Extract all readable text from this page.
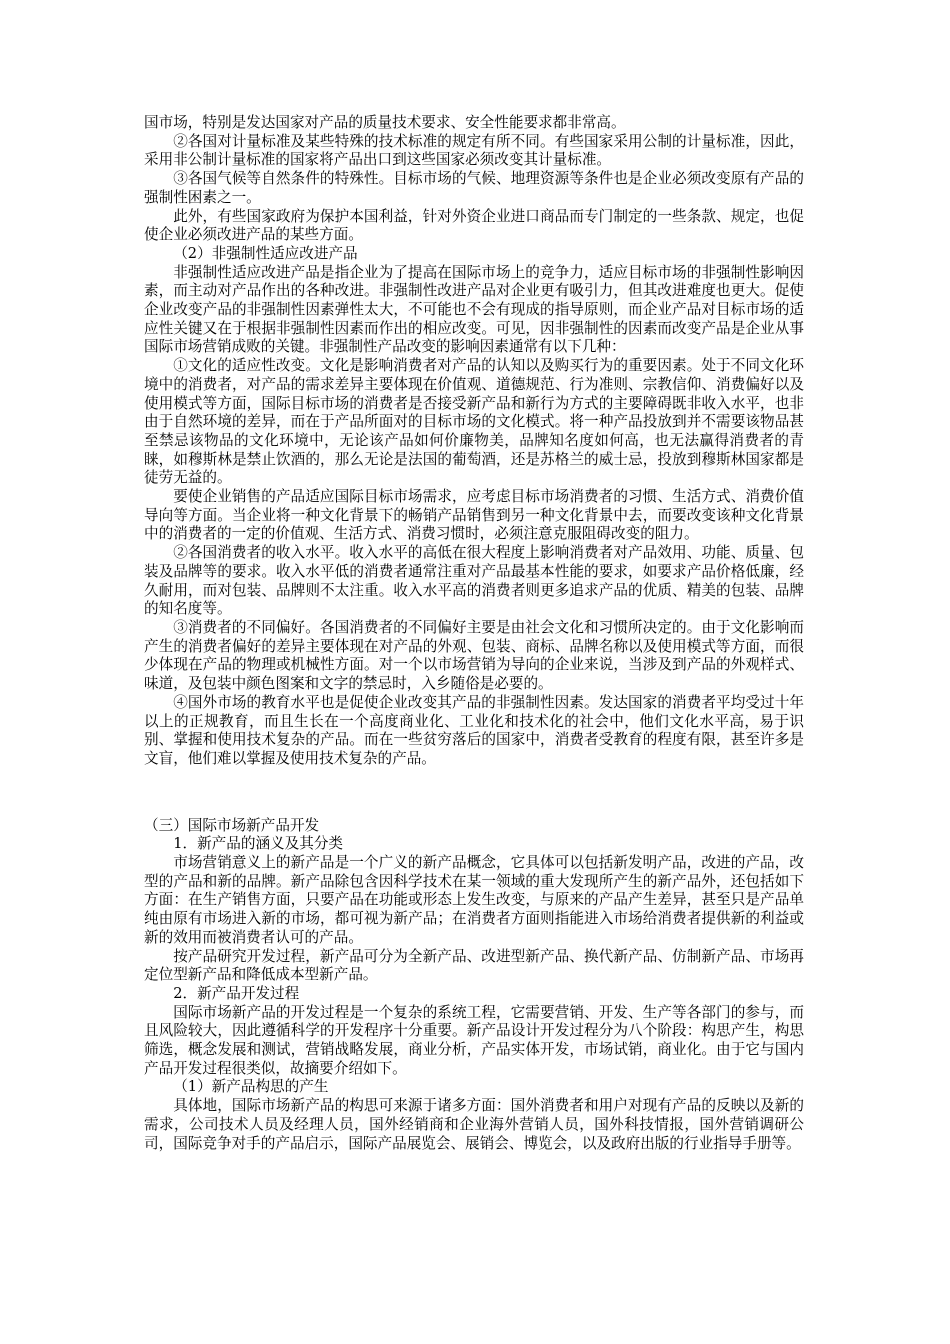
国市场，特别是发达国家对产品的质量技术要求、安全性能要求都非常高。

②各国对计量标准及某些特殊的技术标准的规定有所不同。有些国家采用公制的计量标准，因此，采用非公制计量标准的国家将产品出口到这些国家必须改变其计量标准。

③各国气候等自然条件的特殊性。目标市场的气候、地理资源等条件也是企业必须改变原有产品的强制性困素之一。

此外，有些国家政府为保护本国利益，针对外资企业进口商品而专门制定的一些条款、规定，也促使企业必须改进产品的某些方面。

（2）非强制性适应改进产品

非强制性适应改进产品是指企业为了提高在国际市场上的竞争力，适应目标市场的非强制性影响因素，而主动对产品作出的各种改进。非强制性改进产品对企业更有吸引力，但其改进难度也更大。促使企业改变产品的非强制性因素弹性太大，不可能也不会有现成的指导原则，而企业产品对目标市场的适应性关键又在于根据非强制性因素而作出的相应改变。可见，因非强制性的因素而改变产品是企业从事国际市场营销成败的关键。非强制性产品改变的影响因素通常有以下几种：

①文化的适应性改变。文化是影响消费者对产品的认知以及购买行为的重要因素。处于不同文化环境中的消费者，对产品的需求差异主要体现在价值观、道德规范、行为准则、宗教信仰、消费偏好以及使用模式等方面，国际目标市场的消费者是否接受新产品和新行为方式的主要障碍既非收入水平，也非由于自然环境的差异，而在于产品所面对的目标市场的文化模式。将一种产品投放到并不需要该物品甚至禁忌该物品的文化环境中，无论该产品如何价廉物美，品牌知名度如何高，也无法赢得消费者的青睐，如穆斯林是禁止饮酒的，那么无论是法国的葡萄酒，还是苏格兰的威士忌，投放到穆斯林国家都是徒劳无益的。

要使企业销售的产品适应国际目标市场需求，应考虑目标市场消费者的习惯、生活方式、消费价值导向等方面。当企业将一种文化背景下的畅销产品销售到另一种文化背景中去，而要改变该种文化背景中的消费者的一定的价值观、生活方式、消费习惯时，必须注意克服阻碍改变的阻力。

②各国消费者的收入水平。收入水平的高低在很大程度上影响消费者对产品效用、功能、质量、包装及品牌等的要求。收入水平低的消费者通常注重对产品最基本性能的要求，如要求产品价格低廉，经久耐用，而对包装、品牌则不太注重。收入水平高的消费者则更多追求产品的优质、精美的包装、品牌的知名度等。

③消费者的不同偏好。各国消费者的不同偏好主要是由社会文化和习惯所决定的。由于文化影响而产生的消费者偏好的差异主要体现在对产品的外观、包装、商标、品牌名称以及使用模式等方面，而很少体现在产品的物理或机械性方面。对一个以市场营销为导向的企业来说，当涉及到产品的外观样式、味道，及包装中颜色图案和文字的禁忌时，入乡随俗是必要的。

④国外市场的教育水平也是促使企业改变其产品的非强制性因素。发达国家的消费者平均受过十年以上的正规教育，而且生长在一个高度商业化、工业化和技术化的社会中，他们文化水平高，易于识别、掌握和使用技术复杂的产品。而在一些贫穷落后的国家中，消费者受教育的程度有限，甚至许多是文盲，他们难以掌握及使用技术复杂的产品。

（三）国际市场新产品开发

1．新产品的涵义及其分类

市场营销意义上的新产品是一个广义的新产品概念，它具体可以包括新发明产品，改进的产品，改型的产品和新的品牌。新产品除包含因科学技术在某一领域的重大发现所产生的新产品外，还包括如下方面：在生产销售方面，只要产品在功能或形态上发生改变，与原来的产品产生差异，甚至只是产品单纯由原有市场进入新的市场，都可视为新产品；在消费者方面则指能进入市场给消费者提供新的利益或新的效用而被消费者认可的产品。

按产品研究开发过程，新产品可分为全新产品、改进型新产品、换代新产品、仿制新产品、市场再定位型新产品和降低成本型新产品。

2．新产品开发过程

国际市场新产品的开发过程是一个复杂的系统工程，它需要营销、开发、生产等各部门的参与，而且风险较大，因此遵循科学的开发程序十分重要。新产品设计开发过程分为八个阶段：构思产生，构思筛选，概念发展和测试，营销战略发展，商业分析，产品实体开发，市场试销，商业化。由于它与国内产品开发过程很类似，故摘要介绍如下。

（1）新产品构思的产生

具体地，国际市场新产品的构思可来源于诸多方面：国外消费者和用户对现有产品的反映以及新的需求，公司技术人员及经理人员，国外经销商和企业海外营销人员，国外科技情报，国外营销调研公司，国际竞争对手的产品启示，国际产品展览会、展销会、博览会，以及政府出版的行业指导手册等。
